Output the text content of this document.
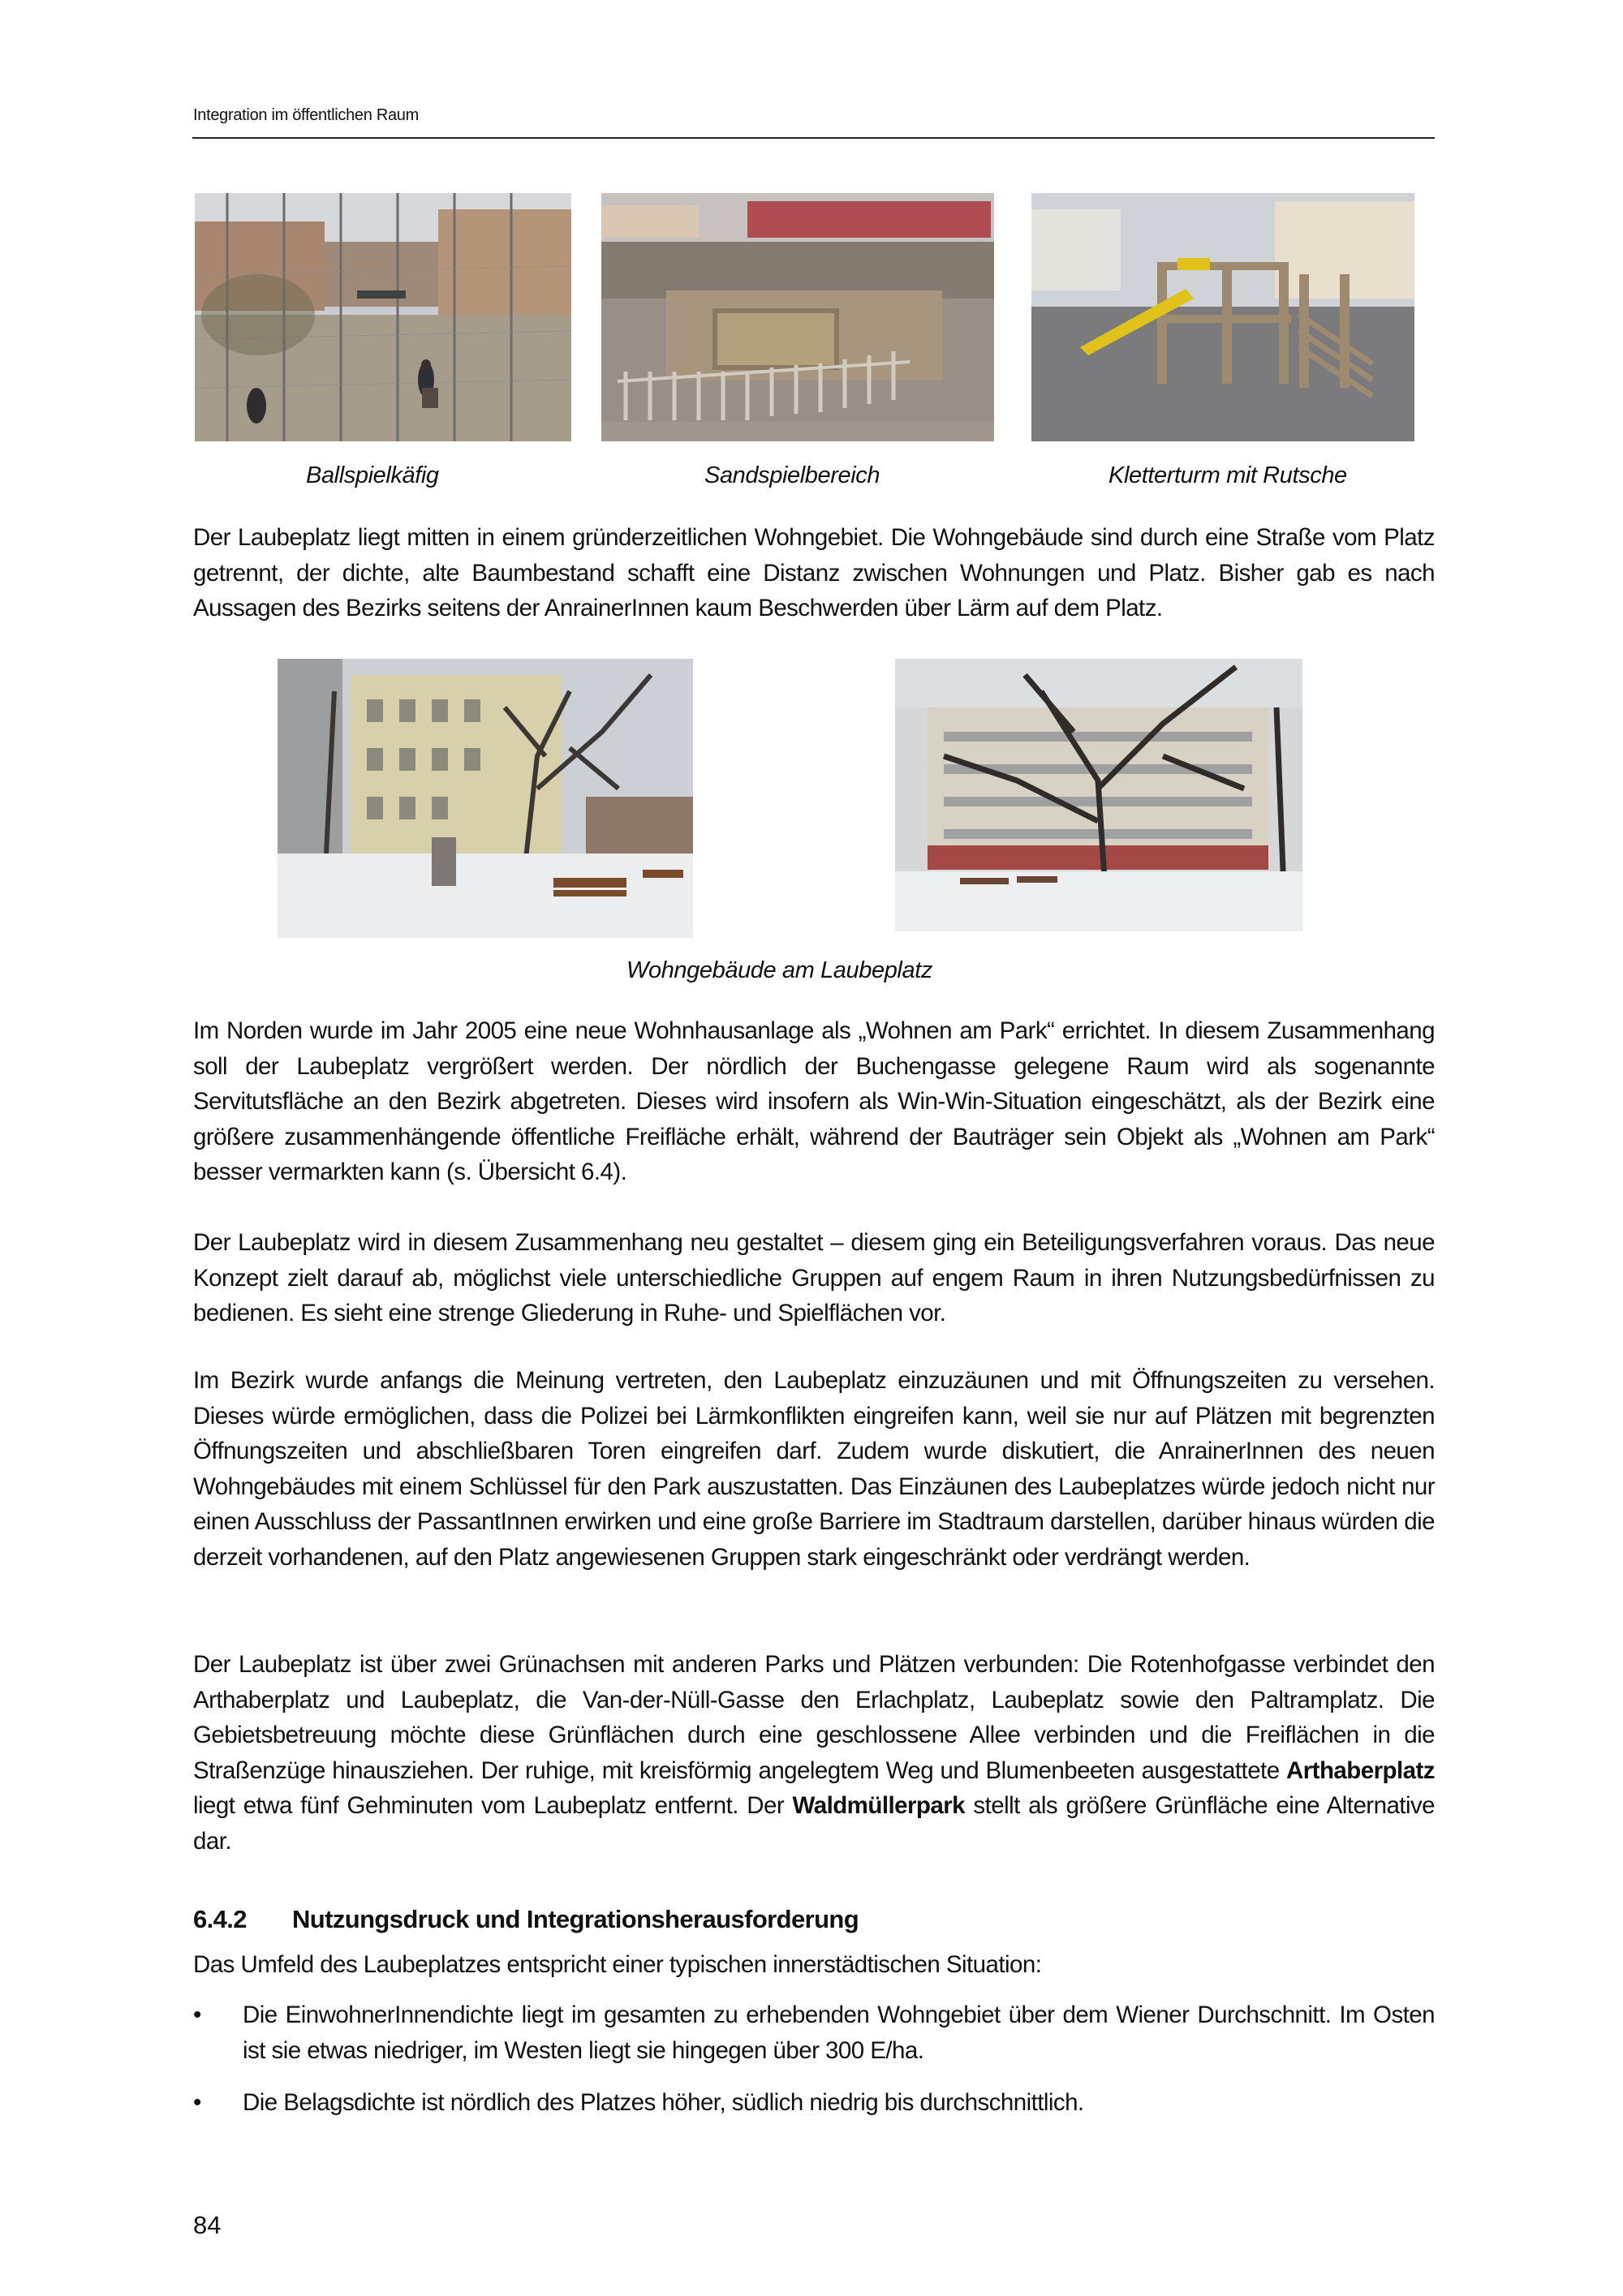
Integration im öffentlichen Raum
Ballspielkäfig	Sandspielbereich	Kletterturm mit Rutsche
Der Laubeplatz liegt mitten in einem gründerzeitlichen Wohngebiet. Die Wohngebäude sind durch eine Straße vom Platz getrennt, der dichte, alte Baumbestand schafft eine Distanz zwischen Wohnungen und Platz. Bisher gab es nach Aussagen des Bezirks seitens der AnrainerInnen kaum Beschwerden über Lärm auf dem Platz.
Wohngebäude am Laubeplatz
Im Norden wurde im Jahr 2005 eine neue Wohnhausanlage als „Wohnen am Park“ errichtet. In diesem Zusammenhang soll der Laubeplatz vergrößert werden. Der nördlich der Buchengasse gelegene Raum wird als sogenannte Servitutsfläche an den Bezirk abgetreten. Dieses wird insofern als Win-Win-Situation eingeschätzt, als der Bezirk eine größere zusammenhängende öffentliche Freifläche erhält, während der Bauträger sein Objekt als „Wohnen am Park“ besser vermarkten kann (s. Übersicht 6.4).
Der Laubeplatz wird in diesem Zusammenhang neu gestaltet – diesem ging ein Beteiligungsverfahren voraus. Das neue Konzept zielt darauf ab, möglichst viele unterschiedliche Gruppen auf engem Raum in ihren Nutzungsbedürfnissen zu bedienen. Es sieht eine strenge Gliederung in Ruhe- und Spielflächen vor.
Im Bezirk wurde anfangs die Meinung vertreten, den Laubeplatz einzuzäunen und mit Öffnungszeiten zu versehen. Dieses würde ermöglichen, dass die Polizei bei Lärmkonflikten eingreifen kann, weil sie nur auf Plätzen mit begrenzten Öffnungszeiten und abschließbaren Toren eingreifen darf. Zudem wurde diskutiert, die AnrainerInnen des neuen Wohngebäudes mit einem Schlüssel für den Park auszustatten. Das Einzäunen des Laubeplatzes würde jedoch nicht nur einen Ausschluss der PassantInnen erwirken und eine große Barriere im Stadtraum darstellen, darüber hinaus würden die derzeit vorhandenen, auf den Platz angewiesenen Gruppen stark eingeschränkt oder verdrängt werden.
Der Laubeplatz ist über zwei Grünachsen mit anderen Parks und Plätzen verbunden: Die Rotenhofgasse verbindet den Arthaberplatz und Laubeplatz, die Van-der-Nüll-Gasse den Erlachplatz, Laubeplatz sowie den Paltramplatz. Die Gebietsbetreuung möchte diese Grünflächen durch eine geschlossene Allee verbinden und die Freiflächen in die Straßenzüge hinausziehen. Der ruhige, mit kreisförmig angelegtem Weg und Blumenbeeten ausgestattete Arthaberplatz liegt etwa fünf Gehminuten vom Laubeplatz entfernt. Der Waldmüllerpark stellt als größere Grünfläche eine Alternative dar.
6.4.2 Nutzungsdruck und Integrationsherausforderung
Das Umfeld des Laubeplatzes entspricht einer typischen innerstädtischen Situation:
•	Die EinwohnerInnendichte liegt im gesamten zu erhebenden Wohngebiet über dem Wiener Durchschnitt. Im Osten ist sie etwas niedriger, im Westen liegt sie hingegen über 300 E/ha.
•	Die Belagsdichte ist nördlich des Platzes höher, südlich niedrig bis durchschnittlich.
84
